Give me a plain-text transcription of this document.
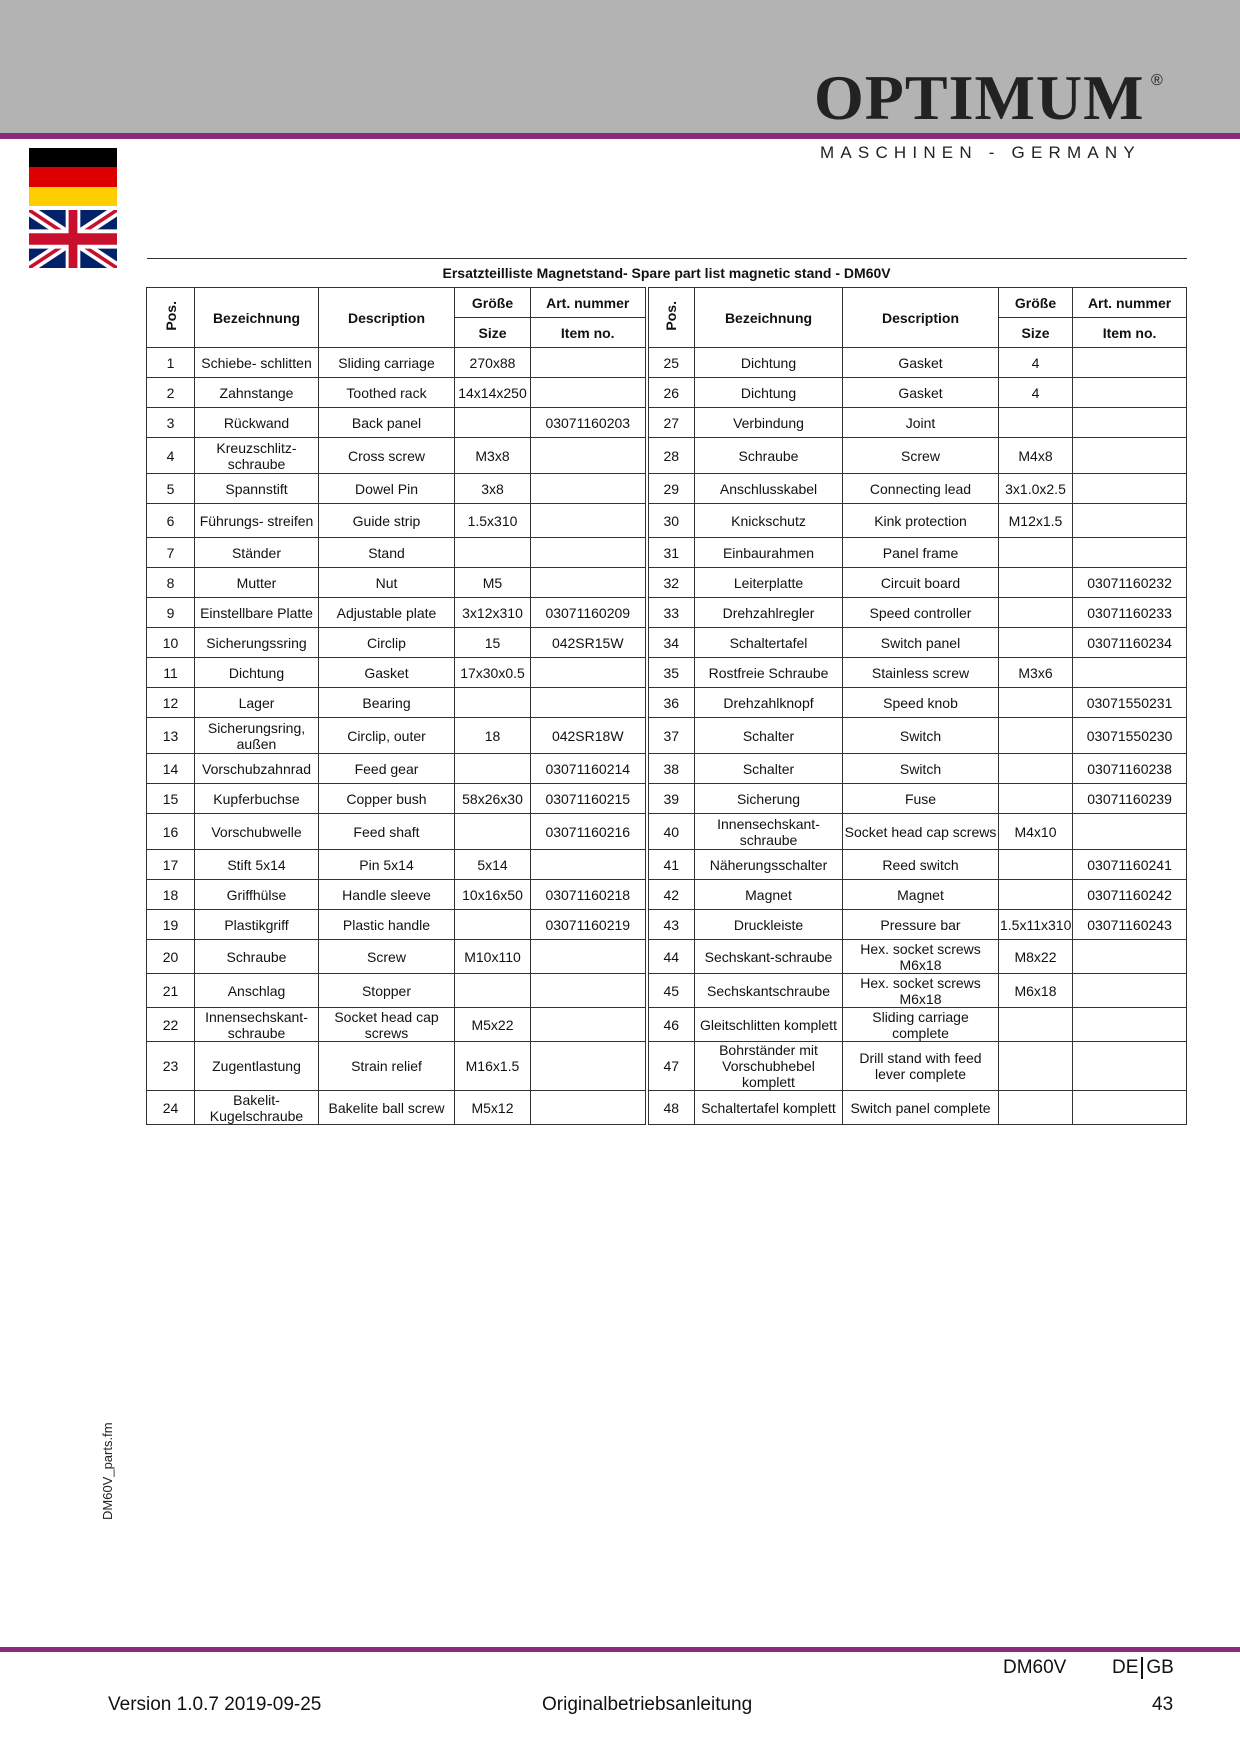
OPTIMUM ®
MASCHINEN - GERMANY
Ersatzteilliste Magnetstand- Spare part list magnetic stand - DM60V									
Pos.	Bezeichnung	Description	Größe	Art. nummer	Pos.	Bezeichnung	Description	Größe	Art. nummer
			Size	Item no.				Size	Item no.
1	Schiebe- schlitten	Sliding carriage	270x88		25	Dichtung	Gasket	4	
2	Zahnstange	Toothed rack	14x14x250		26	Dichtung	Gasket	4	
3	Rückwand	Back panel		03071160203	27	Verbindung	Joint		
4	Kreuzschlitz-schraube	Cross screw	M3x8		28	Schraube	Screw	M4x8	
5	Spannstift	Dowel Pin	3x8		29	Anschlusskabel	Connecting lead	3x1.0x2.5	
6	Führungs- streifen	Guide strip	1.5x310		30	Knickschutz	Kink protection	M12x1.5	
7	Ständer	Stand			31	Einbaurahmen	Panel frame		
8	Mutter	Nut	M5		32	Leiterplatte	Circuit board		03071160232
9	Einstellbare Platte	Adjustable plate	3x12x310	03071160209	33	Drehzahlregler	Speed controller		03071160233
10	Sicherungssring	Circlip	15	042SR15W	34	Schaltertafel	Switch panel		03071160234
11	Dichtung	Gasket	17x30x0.5		35	Rostfreie Schraube	Stainless screw	M3x6	
12	Lager	Bearing			36	Drehzahlknopf	Speed knob		03071550231
13	Sicherungsring, außen	Circlip, outer	18	042SR18W	37	Schalter	Switch		03071550230
14	Vorschubzahnrad	Feed gear		03071160214	38	Schalter	Switch		03071160238
15	Kupferbuchse	Copper bush	58x26x30	03071160215	39	Sicherung	Fuse		03071160239
16	Vorschubwelle	Feed shaft		03071160216	40	Innensechskant-schraube	Socket head cap screws	M4x10	
17	Stift 5x14	Pin 5x14	5x14		41	Näherungsschalter	Reed switch		03071160241
18	Griffhülse	Handle sleeve	10x16x50	03071160218	42	Magnet	Magnet		03071160242
19	Plastikgriff	Plastic handle		03071160219	43	Druckleiste	Pressure bar	1.5x11x310	03071160243
20	Schraube	Screw	M10x110		44	Sechskant-schraube	Hex. socket screws M6x18	M8x22	
21	Anschlag	Stopper			45	Sechskantschraube	Hex. socket screws M6x18	M6x18	
22	Innensechskant-schraube	Socket head cap screws	M5x22		46	Gleitschlitten komplett	Sliding carriage complete		
23	Zugentlastung	Strain relief	M16x1.5		47	Bohrständer mit Vorschubhebel komplett	Drill stand with feed lever complete		
24	Bakelit-Kugelschraube	Bakelite ball screw	M5x12		48	Schaltertafel komplett	Switch panel complete		
DM60V_parts.fm
DM60V DE GB
Version 1.0.7 2019-09-25	Originalbetriebsanleitung	43
